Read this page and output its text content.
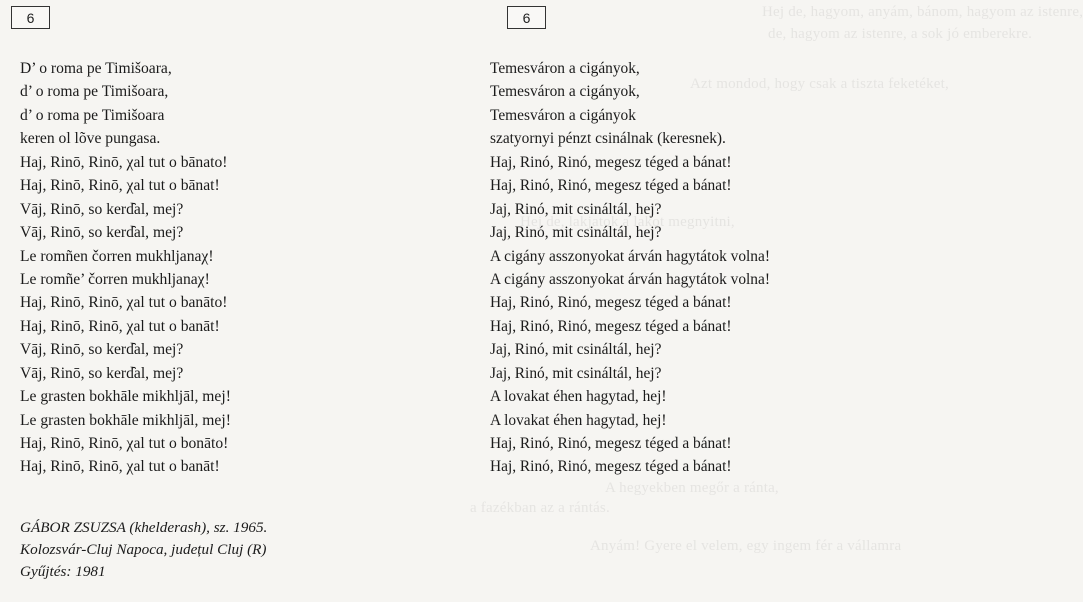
Hej de, hagyom, anyám, bánom, hagyom az istenre,
de, hagyom az istenre, a sok jó emberekre.
Azt mondod, hogy csak a tiszta feketéket,
Hej de, lakjatok a lakot megnyitni,
A hegyekben megőr a ránta,
a fazékban az a rántás.
Anyám! Gyere el velem, egy ingem fér a vállamra
6	6
D’ o roma pe Timišoara,
d’ o roma pe Timišoara,
d’ o roma pe Timišoara
keren ol lõve pungasa.
Haj, Rinō, Rinō, χal tut o bānato!
Haj, Rinō, Rinō, χal tut o bānat!
Vāj, Rinō, so kerd̑al, mej?
Vāj, Rinō, so kerd̑al, mej?
Le romñen čorren mukhljanaχ!
Le romñe’ čorren mukhljanaχ!
Haj, Rinō, Rinō, χal tut o banāto!
Haj, Rinō, Rinō, χal tut o banāt!
Vāj, Rinō, so kerd̑al, mej?
Vāj, Rinō, so kerd̑al, mej?
Le grasten bokhāle mikhljāl, mej!
Le grasten bokhāle mikhljāl, mej!
Haj, Rinō, Rinō, χal tut o bonāto!
Haj, Rinō, Rinō, χal tut o banāt!
Temesváron a cigányok,
Temesváron a cigányok,
Temesváron a cigányok
szatyornyi pénzt csinálnak (keresnek).
Haj, Rinó, Rinó, megesz téged a bánat!
Haj, Rinó, Rinó, megesz téged a bánat!
Jaj, Rinó, mit csináltál, hej?
Jaj, Rinó, mit csináltál, hej?
A cigány asszonyokat árván hagytátok volna!
A cigány asszonyokat árván hagytátok volna!
Haj, Rinó, Rinó, megesz téged a bánat!
Haj, Rinó, Rinó, megesz téged a bánat!
Jaj, Rinó, mit csináltál, hej?
Jaj, Rinó, mit csináltál, hej?
A lovakat éhen hagytad, hej!
A lovakat éhen hagytad, hej!
Haj, Rinó, Rinó, megesz téged a bánat!
Haj, Rinó, Rinó, megesz téged a bánat!
GÁBOR ZSUZSA (khelderash), sz. 1965.
Kolozsvár-Cluj Napoca, județul Cluj (R)
Gyűjtés: 1981
